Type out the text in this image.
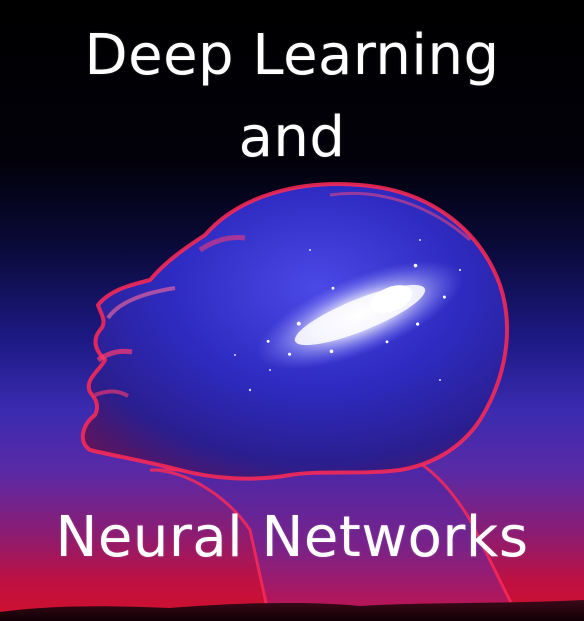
Deep Learning
and
Neural Networks
